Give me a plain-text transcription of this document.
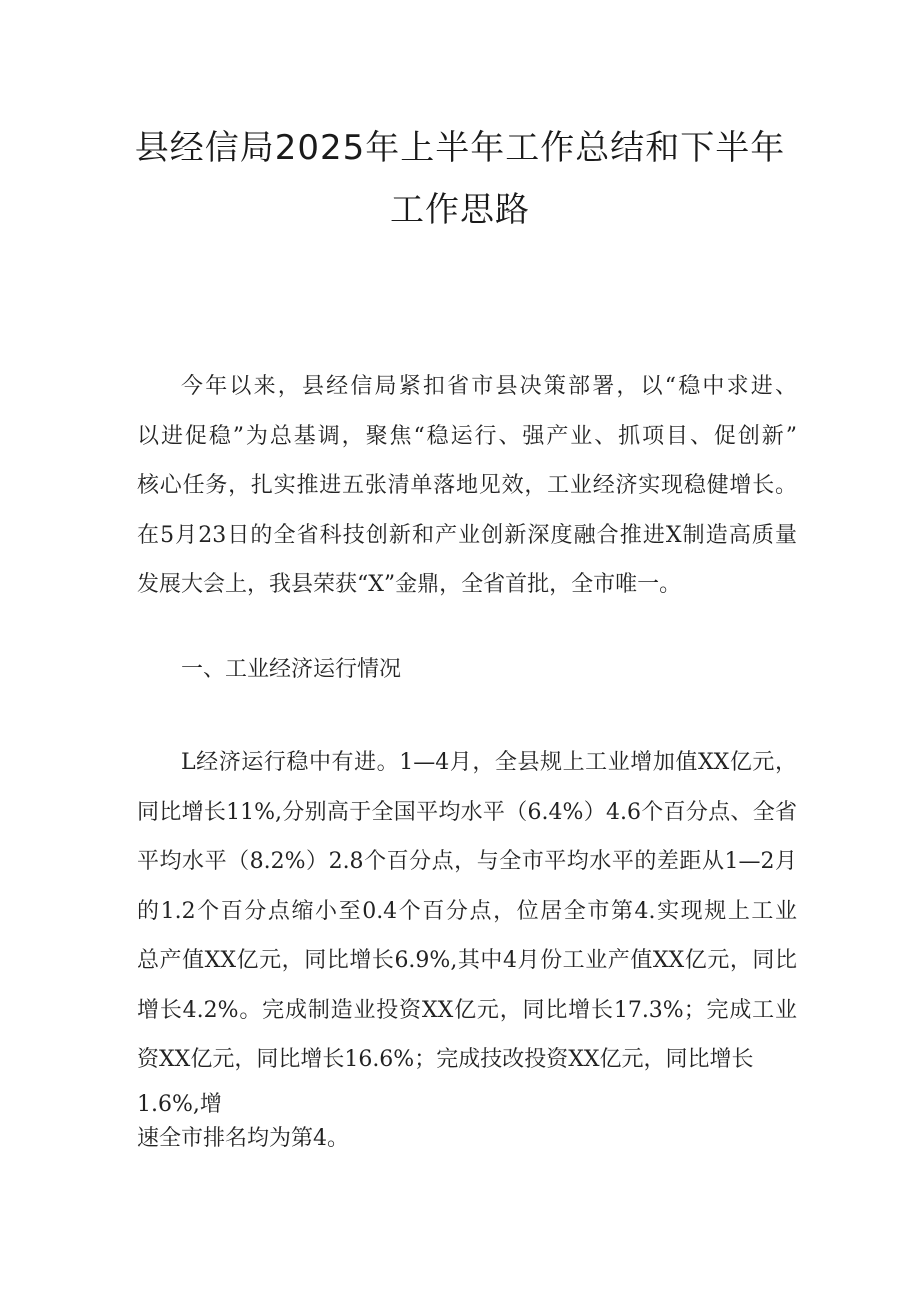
县经信局2025年上半年工作总结和下半年
工作思路
今年以来，县经信局紧扣省市县决策部署，以“稳中求进、
以进促稳”为总基调，聚焦“稳运行、强产业、抓项目、促创新”
核心任务，扎实推进五张清单落地见效，工业经济实现稳健增长。
在5月23日的全省科技创新和产业创新深度融合推进X制造高质量
发展大会上，我县荣获“X”金鼎，全省首批，全市唯一。
一、工业经济运行情况
L经济运行稳中有进。1—4月，全县规上工业增加值XX亿元，
同比增长11%,分别高于全国平均水平（6.4%）4.6个百分点、全省
平均水平（8.2%）2.8个百分点，与全市平均水平的差距从1—2月
的1.2个百分点缩小至0.4个百分点，位居全市第4.实现规上工业
总产值XX亿元，同比增长6.9%,其中4月份工业产值XX亿元，同比
增长4.2%。完成制造业投资XX亿元，同比增长17.3%；完成工业
资XX亿元，同比增长16.6%；完成技改投资XX亿元，同比增长
1.6%,增
速全市排名均为第4。
